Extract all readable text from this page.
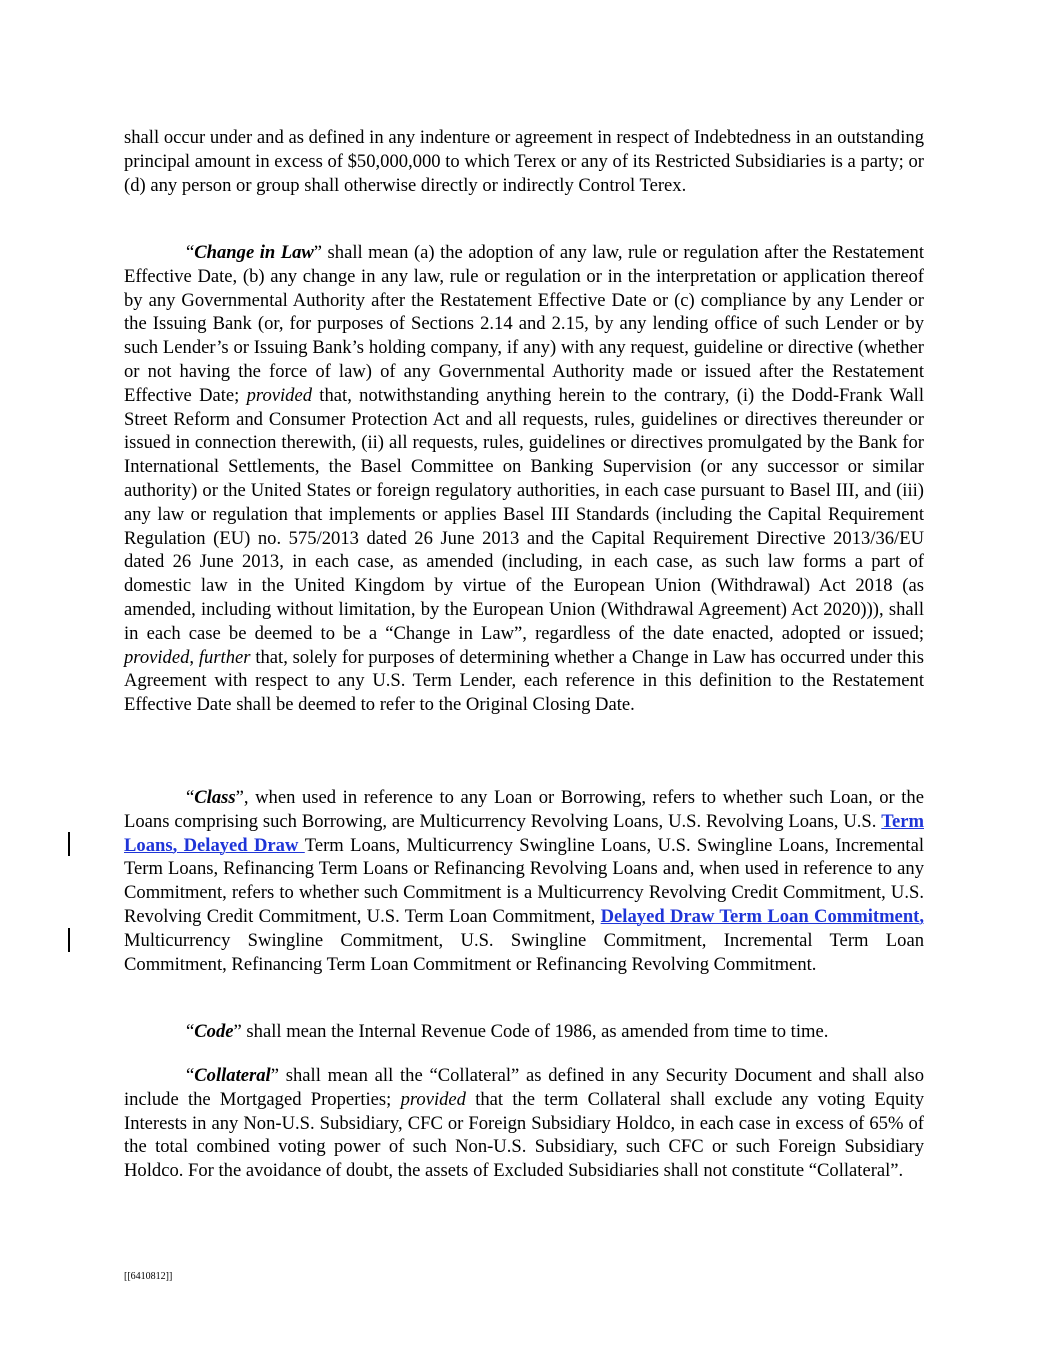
shall occur under and as defined in any indenture or agreement in respect of Indebtedness in an outstanding principal amount in excess of $50,000,000 to which Terex or any of its Restricted Subsidiaries is a party; or (d) any person or group shall otherwise directly or indirectly Control Terex.

“Change in Law” shall mean (a) the adoption of any law, rule or regulation after the Restatement Effective Date, (b) any change in any law, rule or regulation or in the interpretation or application thereof by any Governmental Authority after the Restatement Effective Date or (c) compliance by any Lender or the Issuing Bank (or, for purposes of Sections 2.14 and 2.15, by any lending office of such Lender or by such Lender’s or Issuing Bank’s holding company, if any) with any request, guideline or directive (whether or not having the force of law) of any Governmental Authority made or issued after the Restatement Effective Date; provided that, notwithstanding anything herein to the contrary, (i) the Dodd-Frank Wall Street Reform and Consumer Protection Act and all requests, rules, guidelines or directives thereunder or issued in connection therewith, (ii) all requests, rules, guidelines or directives promulgated by the Bank for International Settlements, the Basel Committee on Banking Supervision (or any successor or similar authority) or the United States or foreign regulatory authorities, in each case pursuant to Basel III, and (iii) any law or regulation that implements or applies Basel III Standards (including the Capital Requirement Regulation (EU) no. 575/2013 dated 26 June 2013 and the Capital Requirement Directive 2013/36/EU dated 26 June 2013, in each case, as amended (including, in each case, as such law forms a part of domestic law in the United Kingdom by virtue of the European Union (Withdrawal) Act 2018 (as amended, including without limitation, by the European Union (Withdrawal Agreement) Act 2020))), shall in each case be deemed to be a “Change in Law”, regardless of the date enacted, adopted or issued; provided, further that, solely for purposes of determining whether a Change in Law has occurred under this Agreement with respect to any U.S. Term Lender, each reference in this definition to the Restatement Effective Date shall be deemed to refer to the Original Closing Date.

“Class”, when used in reference to any Loan or Borrowing, refers to whether such Loan, or the Loans comprising such Borrowing, are Multicurrency Revolving Loans, U.S. Revolving Loans, U.S. Term Loans, Delayed Draw Term Loans, Multicurrency Swingline Loans, U.S. Swingline Loans, Incremental Term Loans, Refinancing Term Loans or Refinancing Revolving Loans and, when used in reference to any Commitment, refers to whether such Commitment is a Multicurrency Revolving Credit Commitment, U.S. Revolving Credit Commitment, U.S. Term Loan Commitment, Delayed Draw Term Loan Commitment, Multicurrency Swingline Commitment, U.S. Swingline Commitment, Incremental Term Loan Commitment, Refinancing Term Loan Commitment or Refinancing Revolving Commitment.

“Code” shall mean the Internal Revenue Code of 1986, as amended from time to time.

“Collateral” shall mean all the “Collateral” as defined in any Security Document and shall also include the Mortgaged Properties; provided that the term Collateral shall exclude any voting Equity Interests in any Non-U.S. Subsidiary, CFC or Foreign Subsidiary Holdco, in each case in excess of 65% of the total combined voting power of such Non-U.S. Subsidiary, such CFC or such Foreign Subsidiary Holdco. For the avoidance of doubt, the assets of Excluded Subsidiaries shall not constitute “Collateral”.

[[6410812]]
